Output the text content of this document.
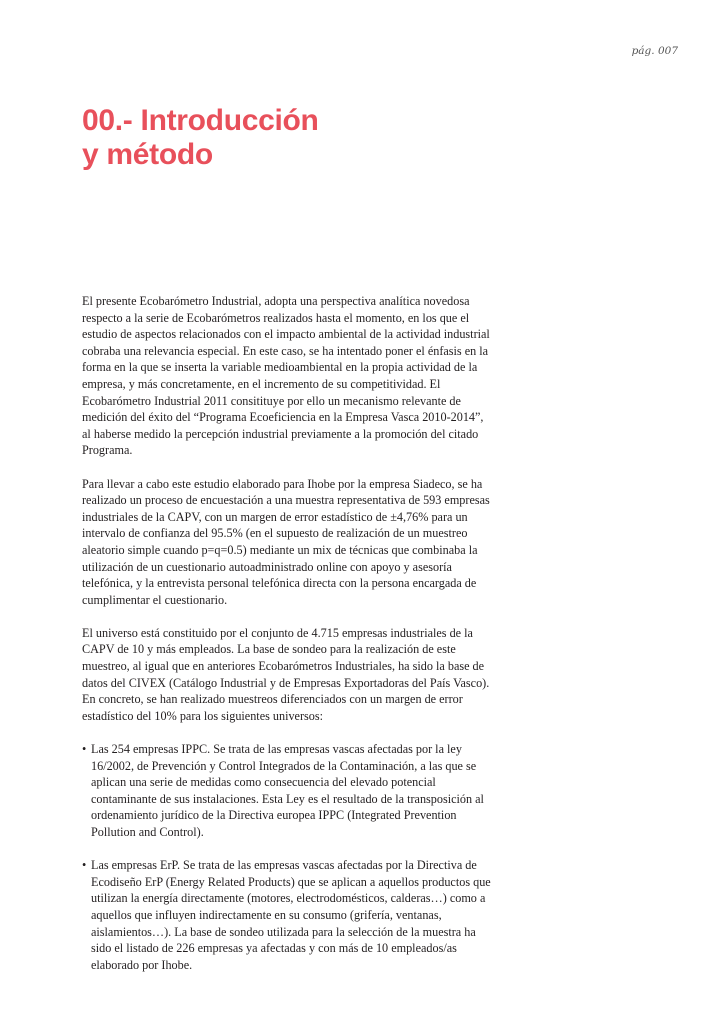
pág. 007
00.- Introducción
y método

El presente Ecobarómetro Industrial, adopta una perspectiva analítica novedosa respecto a la serie de Ecobarómetros realizados hasta el momento, en los que el estudio de aspectos relacionados con el impacto ambiental de la actividad industrial cobraba una relevancia especial. En este caso, se ha intentado poner el énfasis en la forma en la que se inserta la variable medioambiental en la propia actividad de la empresa, y más concretamente, en el incremento de su competitividad. El Ecobarómetro Industrial 2011 consitituye por ello un mecanismo relevante de medición del éxito del “Programa Ecoeficiencia en la Empresa Vasca 2010-2014”, al haberse medido la percepción industrial previamente a la promoción del citado Programa.

Para llevar a cabo este estudio elaborado para Ihobe por la empresa Siadeco, se ha realizado un proceso de encuestación a una muestra representativa de 593 empresas industriales de la CAPV, con un margen de error estadístico de ±4,76% para un intervalo de confianza del 95.5% (en el supuesto de realización de un muestreo aleatorio simple cuando p=q=0.5) mediante un mix de técnicas que combinaba la utilización de un cuestionario autoadministrado online con apoyo y asesoría telefónica, y la entrevista personal telefónica directa con la persona encargada de cumplimentar el cuestionario.

El universo está constituido por el conjunto de 4.715 empresas industriales de la CAPV de 10 y más empleados. La base de sondeo para la realización de este muestreo, al igual que en anteriores Ecobarómetros Industriales, ha sido la base de datos del CIVEX (Catálogo Industrial y de Empresas Exportadoras del País Vasco). En concreto, se han realizado muestreos diferenciados con un margen de error estadístico del 10% para los siguientes universos:

• Las 254 empresas IPPC. Se trata de las empresas vascas afectadas por la ley 16/2002, de Prevención y Control Integrados de la Contaminación, a las que se aplican una serie de medidas como consecuencia del elevado potencial contaminante de sus instalaciones. Esta Ley es el resultado de la transposición al ordenamiento jurídico de la Directiva europea IPPC (Integrated Prevention Pollution and Control).
• Las empresas ErP. Se trata de las empresas vascas afectadas por la Directiva de Ecodiseño ErP (Energy Related Products) que se aplican a aquellos productos que utilizan la energía directamente (motores, electrodomésticos, calderas…) como a aquellos que influyen indirectamente en su consumo (grifería, ventanas, aislamientos…). La base de sondeo utilizada para la selección de la muestra ha sido el listado de 226 empresas ya afectadas y con más de 10 empleados/as elaborado por Ihobe.
